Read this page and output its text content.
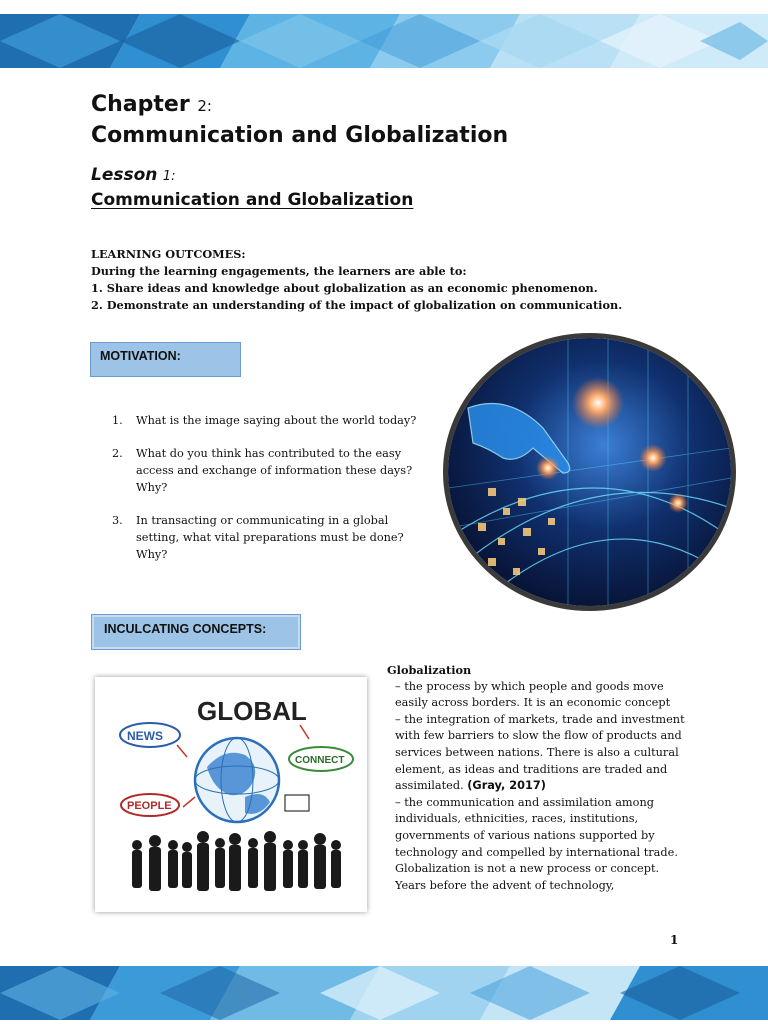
Chapter 2:
Communication and Globalization
Lesson 1:
Communication and Globalization
LEARNING OUTCOMES:
During the learning engagements, the learners are able to:
1. Share ideas and knowledge about globalization as an economic phenomenon.
2. Demonstrate an understanding of the impact of globalization on communication.
MOTIVATION:
1.	What is the image saying about the world today?
2.	What do you think has contributed to the easy access and exchange of information these days? Why?
3.	In transacting or communicating in a global setting, what vital preparations must be done? Why?
INCULCATING CONCEPTS:
GLOBAL
NEWS
CONNECT
PEOPLE
Globalization
– the process by which people and goods move easily across borders. It is an economic concept
– the integration of markets, trade and investment with few barriers to slow the flow of products and services between nations. There is also a cultural element, as ideas and traditions are traded and assimilated. (Gray, 2017)
– the communication and assimilation among individuals, ethnicities, races, institutions, governments of various nations supported by technology and compelled by international trade. Globalization is not a new process or concept. Years before the advent of technology,
1
